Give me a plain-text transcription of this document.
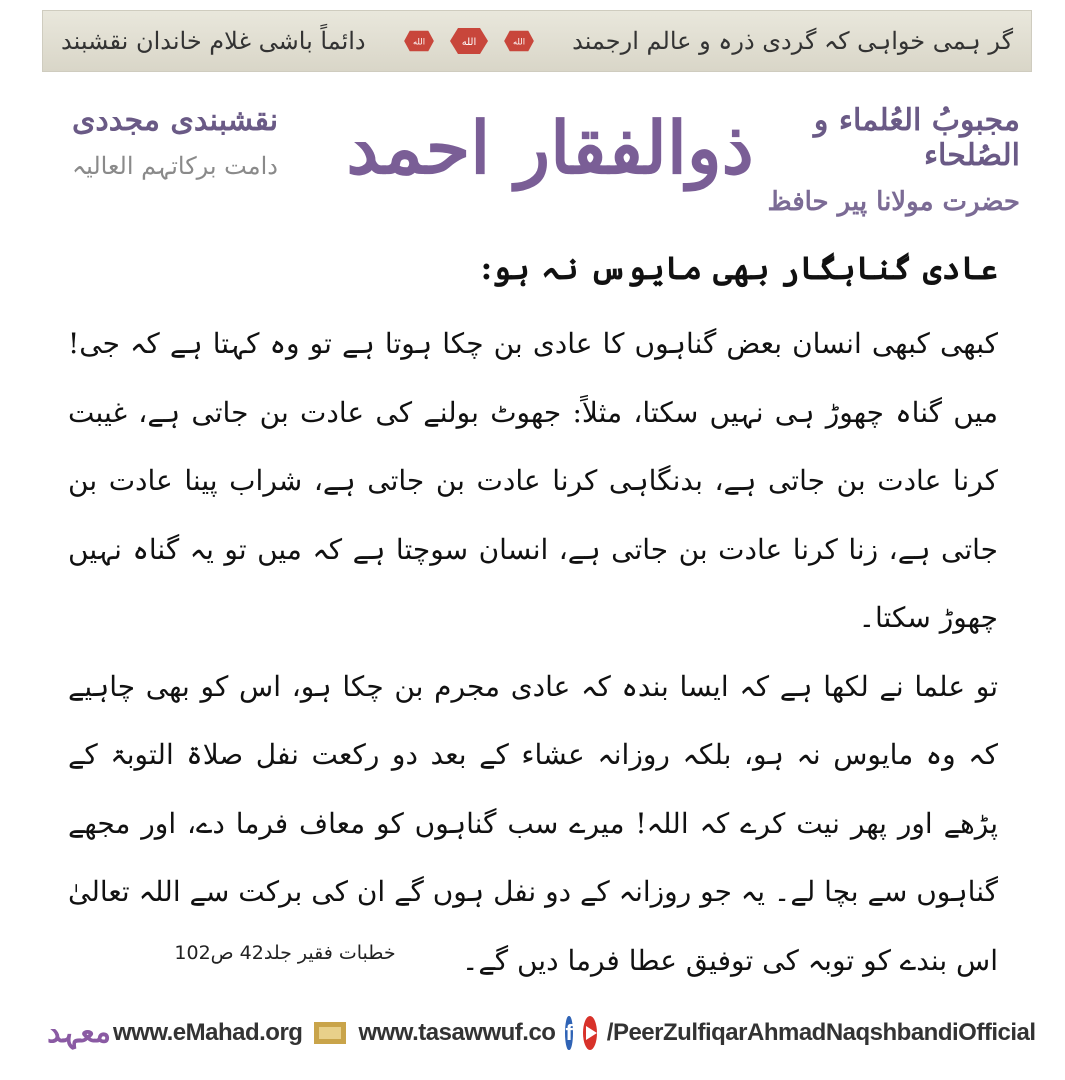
گر ہمی خواہی کہ گردی ذرہ و عالم ارجمند
الله	الله	الله
دائماً باشی غلام خاندان نقشبند
مجبوبُ العُلماء و الصُلحاء
حضرت مولانا پیر حافظ
ذوالفقار احمد
نقشبندی مجددی
دامت برکاتہم العالیہ
عادی گناہگار بھی مایوس نہ ہو:

کبھی کبھی انسان بعض گناہوں کا عادی بن چکا ہوتا ہے تو وہ کہتا ہے کہ جی! میں گناہ چھوڑ ہی نہیں سکتا، مثلاً: جھوٹ بولنے کی عادت بن جاتی ہے، غیبت کرنا عادت بن جاتی ہے، بدنگاہی کرنا عادت بن جاتی ہے، شراب پینا عادت بن جاتی ہے، زنا کرنا عادت بن جاتی ہے، انسان سوچتا ہے کہ میں تو یہ گناہ نہیں چھوڑ سکتا۔

تو علما نے لکھا ہے کہ ایسا بندہ کہ عادی مجرم بن چکا ہو، اس کو بھی چاہیے کہ وہ مایوس نہ ہو، بلکہ روزانہ عشاء کے بعد دو رکعت نفل صلاۃ التوبۃ کے پڑھے اور پھر نیت کرے کہ اللہ! میرے سب گناہوں کو معاف فرما دے، اور مجھے گناہوں سے بچا لے۔ یہ جو روزانہ کے دو نفل ہوں گے ان کی برکت سے اللہ تعالیٰ اس بندے کو توبہ کی توفیق عطا فرما دیں گے۔

خطبات فقیر جلد42 ص102
معہد www.eMahad.org www.tasawwuf.co f /PeerZulfiqarAhmadNaqshbandiOfficial
